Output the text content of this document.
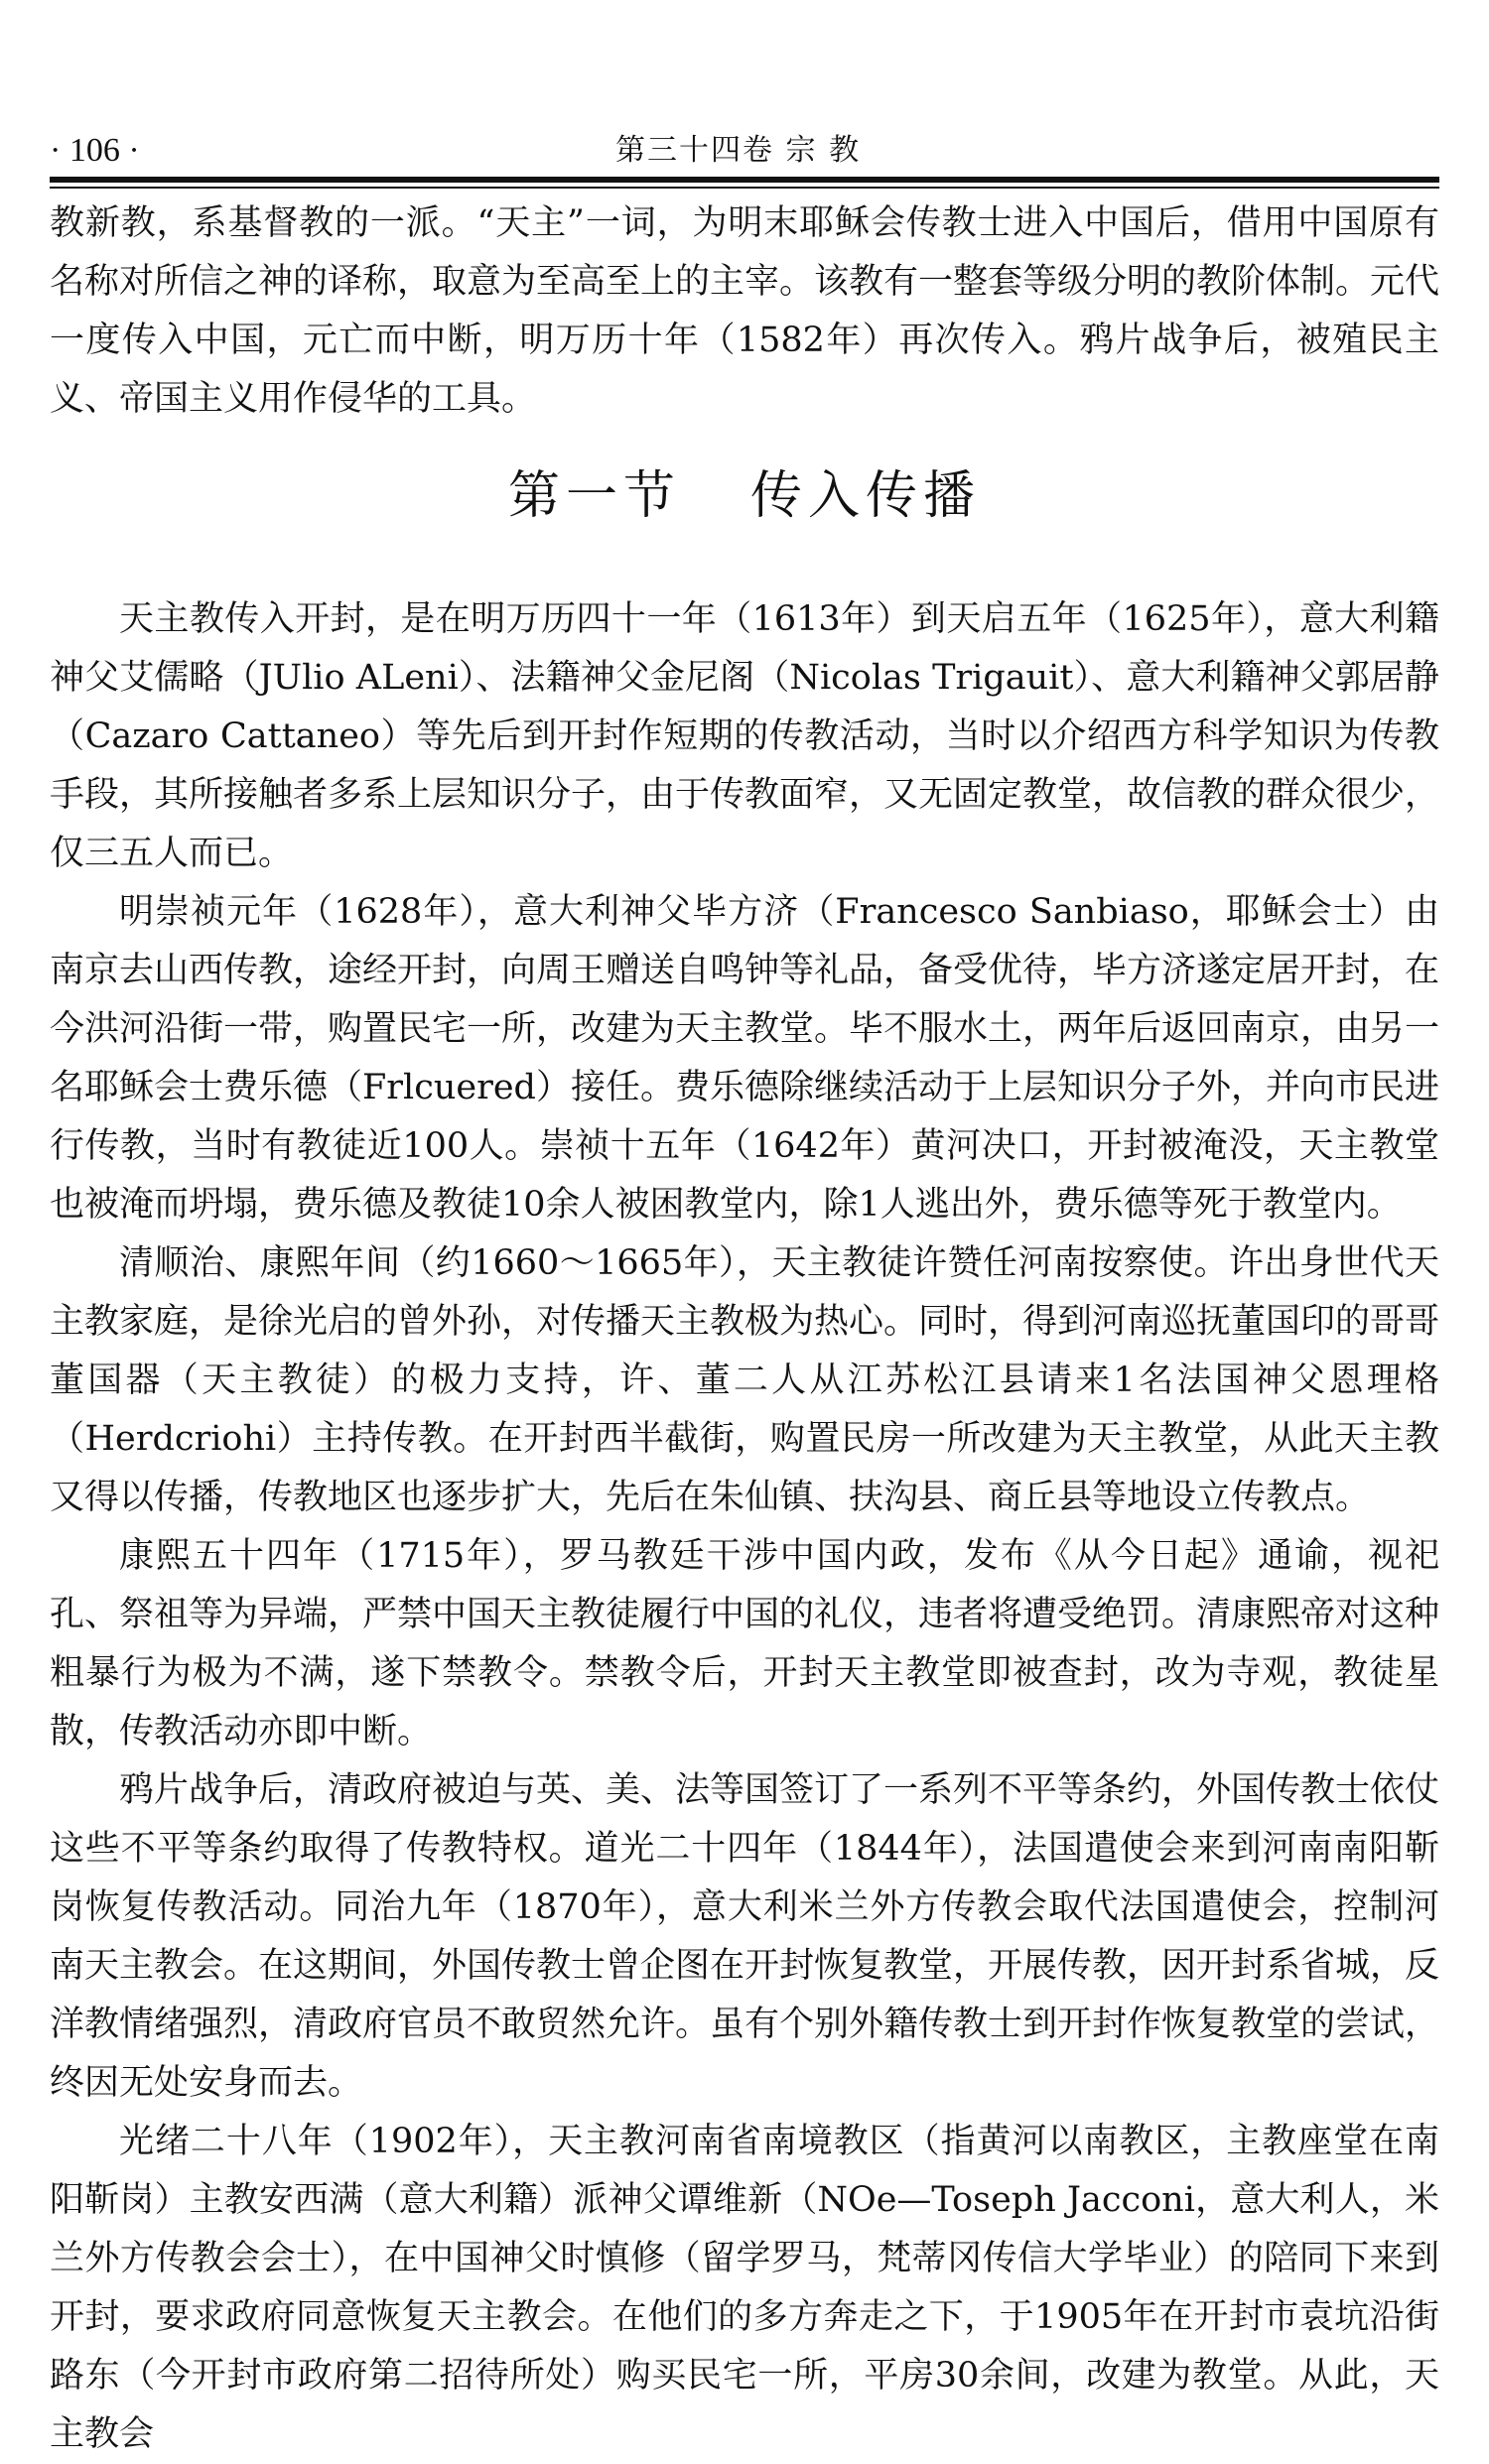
· 106 ·	第三十四卷 宗 教

教新教，系基督教的一派。“天主”一词，为明末耶稣会传教士进入中国后，借用中国原有名称对所信之神的译称，取意为至高至上的主宰。该教有一整套等级分明的教阶体制。元代一度传入中国，元亡而中断，明万历十年（1582年）再次传入。鸦片战争后，被殖民主义、帝国主义用作侵华的工具。

第一节 传入传播

天主教传入开封，是在明万历四十一年（1613年）到天启五年（1625年），意大利籍神父艾儒略（JUlio ALeni）、法籍神父金尼阁（Nicolas Trigauit）、意大利籍神父郭居静（Cazaro Cattaneo）等先后到开封作短期的传教活动，当时以介绍西方科学知识为传教手段，其所接触者多系上层知识分子，由于传教面窄，又无固定教堂，故信教的群众很少，仅三五人而已。

明崇祯元年（1628年），意大利神父毕方济（Francesco Sanbiaso，耶稣会士）由南京去山西传教，途经开封，向周王赠送自鸣钟等礼品，备受优待，毕方济遂定居开封，在今洪河沿街一带，购置民宅一所，改建为天主教堂。毕不服水土，两年后返回南京，由另一名耶稣会士费乐德（Frlcuered）接任。费乐德除继续活动于上层知识分子外，并向市民进行传教，当时有教徒近100人。崇祯十五年（1642年）黄河决口，开封被淹没，天主教堂也被淹而坍塌，费乐德及教徒10余人被困教堂内，除1人逃出外，费乐德等死于教堂内。

清顺治、康熙年间（约1660～1665年），天主教徒许赞任河南按察使。许出身世代天主教家庭，是徐光启的曾外孙，对传播天主教极为热心。同时，得到河南巡抚董国印的哥哥董国器（天主教徒）的极力支持，许、董二人从江苏松江县请来1名法国神父恩理格（Herdcriohi）主持传教。在开封西半截街，购置民房一所改建为天主教堂，从此天主教又得以传播，传教地区也逐步扩大，先后在朱仙镇、扶沟县、商丘县等地设立传教点。

康熙五十四年（1715年），罗马教廷干涉中国内政，发布《从今日起》通谕，视祀孔、祭祖等为异端，严禁中国天主教徒履行中国的礼仪，违者将遭受绝罚。清康熙帝对这种粗暴行为极为不满，遂下禁教令。禁教令后，开封天主教堂即被查封，改为寺观，教徒星散，传教活动亦即中断。

鸦片战争后，清政府被迫与英、美、法等国签订了一系列不平等条约，外国传教士依仗这些不平等条约取得了传教特权。道光二十四年（1844年），法国遣使会来到河南南阳靳岗恢复传教活动。同治九年（1870年），意大利米兰外方传教会取代法国遣使会，控制河南天主教会。在这期间，外国传教士曾企图在开封恢复教堂，开展传教，因开封系省城，反洋教情绪强烈，清政府官员不敢贸然允许。虽有个别外籍传教士到开封作恢复教堂的尝试，终因无处安身而去。

光绪二十八年（1902年），天主教河南省南境教区（指黄河以南教区，主教座堂在南阳靳岗）主教安西满（意大利籍）派神父谭维新（NOe—Toseph Jacconi，意大利人，米兰外方传教会会士），在中国神父时慎修（留学罗马，梵蒂冈传信大学毕业）的陪同下来到开封，要求政府同意恢复天主教会。在他们的多方奔走之下，于1905年在开封市袁坑沿街路东（今开封市政府第二招待所处）购买民宅一所，平房30余间，改建为教堂。从此，天主教会
